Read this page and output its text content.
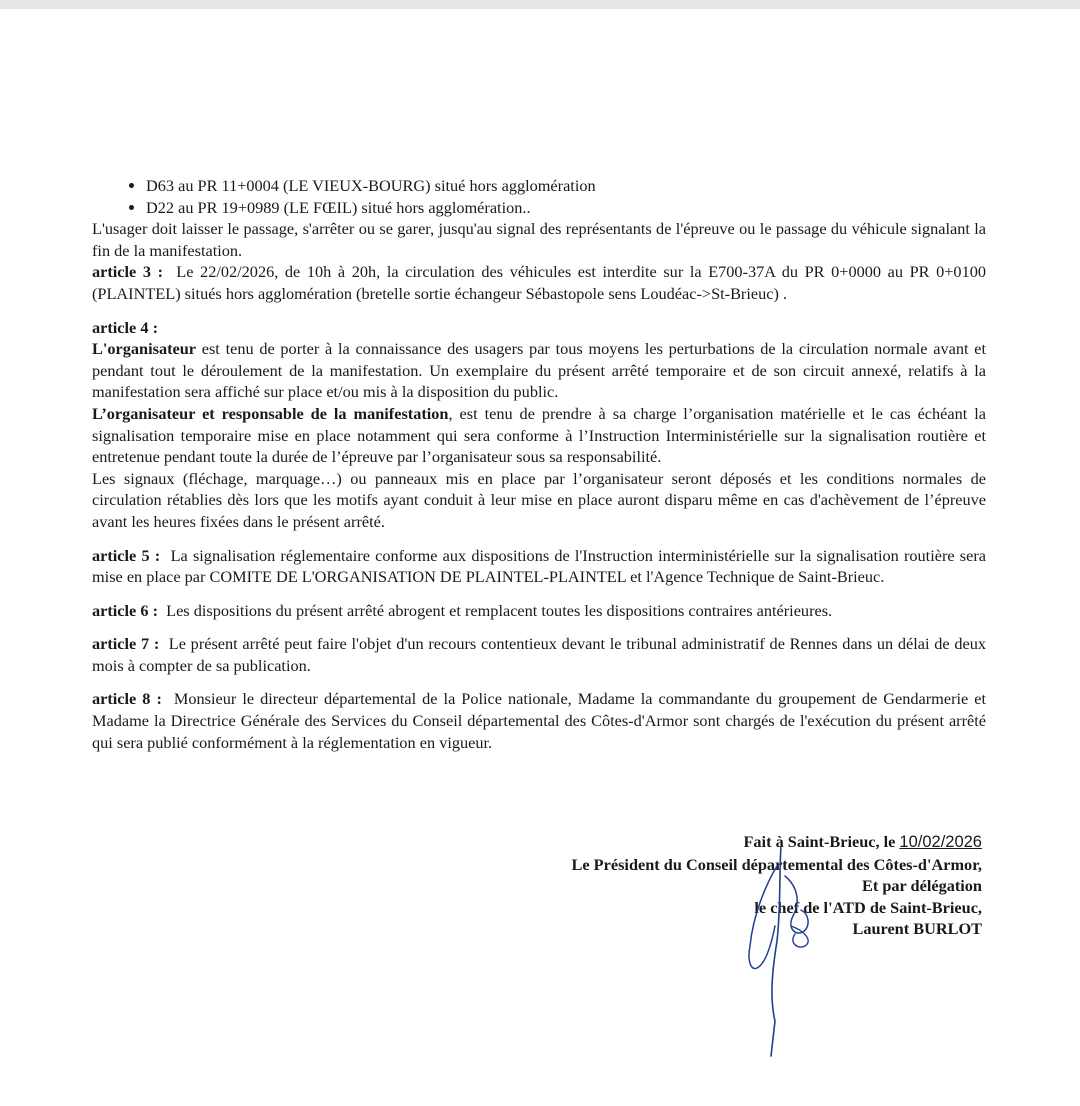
• D63 au PR 11+0004 (LE VIEUX-BOURG) situé hors agglomération
• D22 au PR 19+0989 (LE FŒIL) situé hors agglomération..

L'usager doit laisser le passage, s'arrêter ou se garer, jusqu'au signal des représentants de l'épreuve ou le passage du véhicule signalant la fin de la manifestation.

article 3 : Le 22/02/2026, de 10h à 20h, la circulation des véhicules est interdite sur la E700-37A du PR 0+0000 au PR 0+0100 (PLAINTEL) situés hors agglomération (bretelle sortie échangeur Sébastopole sens Loudéac->St-Brieuc) .

article 4 :

L'organisateur est tenu de porter à la connaissance des usagers par tous moyens les perturbations de la circulation normale avant et pendant tout le déroulement de la manifestation. Un exemplaire du présent arrêté temporaire et de son circuit annexé, relatifs à la manifestation sera affiché sur place et/ou mis à la disposition du public.

L’organisateur et responsable de la manifestation, est tenu de prendre à sa charge l’organisation matérielle et le cas échéant la signalisation temporaire mise en place notamment qui sera conforme à l’Instruction Interministérielle sur la signalisation routière et entretenue pendant toute la durée de l’épreuve par l’organisateur sous sa responsabilité.

Les signaux (fléchage, marquage…) ou panneaux mis en place par l’organisateur seront déposés et les conditions normales de circulation rétablies dès lors que les motifs ayant conduit à leur mise en place auront disparu même en cas d'achèvement de l’épreuve avant les heures fixées dans le présent arrêté.

article 5 : La signalisation réglementaire conforme aux dispositions de l'Instruction interministérielle sur la signalisation routière sera mise en place par COMITE DE L'ORGANISATION DE PLAINTEL-PLAINTEL et l'Agence Technique de Saint-Brieuc.

article 6 : Les dispositions du présent arrêté abrogent et remplacent toutes les dispositions contraires antérieures.

article 7 : Le présent arrêté peut faire l'objet d'un recours contentieux devant le tribunal administratif de Rennes dans un délai de deux mois à compter de sa publication.

article 8 : Monsieur le directeur départemental de la Police nationale, Madame la commandante du groupement de Gendarmerie et Madame la Directrice Générale des Services du Conseil départemental des Côtes-d'Armor sont chargés de l'exécution du présent arrêté qui sera publié conformément à la réglementation en vigueur.

Fait à Saint-Brieuc, le 10/02/2026
Le Président du Conseil départemental des Côtes-d'Armor,
Et par délégation
le chef de l'ATD de Saint-Brieuc,
Laurent BURLOT
